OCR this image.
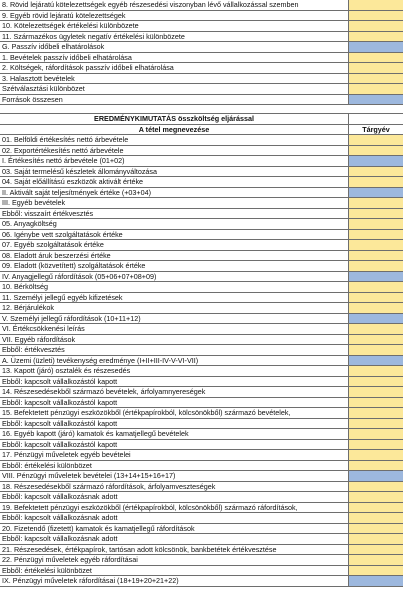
8. Rövid lejáratú kötelezettségek egyéb részesedési viszonyban lévő vállalkozással szemben
9. Egyéb rövid lejáratú kötelezettségek
10. Kötelezettségek értékelési különbözete
11. Származékos ügyletek negatív értékelési különbözete
G. Passzív időbeli elhatárolások
1. Bevételek passzív időbeli elhatárolása
2. Költségek, ráfordítások passzív időbeli elhatárolása
3. Halasztott bevételek
Szétválasztási különbözet
Források összesen
EREDMÉNYKIMUTATÁS összköltség eljárással
A tétel megnevezése	Tárgyév
01. Belföldi értékesítés nettó árbevétele
02. Exportértékesítés nettó árbevétele
I. Értékesítés nettó árbevétele (01+02)
03. Saját termelésű készletek állományváltozása
04. Saját előállítású eszközök aktivált értéke
II. Aktivált saját teljesítmények értéke (+03+04)
III. Egyéb bevételek
Ebből: visszaírt értékvesztés
05. Anyagköltség
06. Igénybe vett szolgáltatások értéke
07. Egyéb szolgáltatások értéke
08. Eladott áruk beszerzési értéke
09. Eladott (közvetített) szolgáltatások értéke
IV. Anyagjellegű ráfordítások (05+06+07+08+09)
10. Bérköltség
11. Személyi jellegű egyéb kifizetések
12. Bérjárulékok
V. Személyi jellegű ráfordítások (10+11+12)
VI. Értékcsökkenési leírás
VII. Egyéb ráfordítások
Ebből: értékvesztés
A. Üzemi (üzleti) tevékenység eredménye (I+II+III-IV-V-VI-VII)
13. Kapott (járó) osztalék és részesedés
Ebből: kapcsolt vállalkozástól kapott
14. Részesedésekből származó bevételek, árfolyamnyereségek
Ebből: kapcsolt vállalkozástól kapott
15. Befektetett pénzügyi eszközökből (értékpapírokból, kölcsönökből) származó bevételek,
Ebből: kapcsolt vállalkozástól kapott
16. Egyéb kapott (járó) kamatok és kamatjellegű bevételek
Ebből: kapcsolt vállalkozástól kapott
17. Pénzügyi műveletek egyéb bevételei
Ebből: értékelési különbözet
VIII. Pénzügyi műveletek bevételei (13+14+15+16+17)
18. Részesedésekből származó ráfordítások, árfolyamveszteségek
Ebből: kapcsolt vállalkozásnak adott
19. Befektetett pénzügyi eszközökből (értékpapírokból, kölcsönökből) származó ráfordítások,
Ebből: kapcsolt vállalkozásnak adott
20. Fizetendő (fizetett) kamatok és kamatjellegű ráfordítások
Ebből: kapcsolt vállalkozásnak adott
21. Részesedések, értékpapírok, tartósan adott kölcsönök, bankbetétek értékvesztése
22. Pénzügyi műveletek egyéb ráfordításai
Ebből: értékelési különbözet
IX. Pénzügyi műveletek ráfordításai (18+19+20+21+22)
